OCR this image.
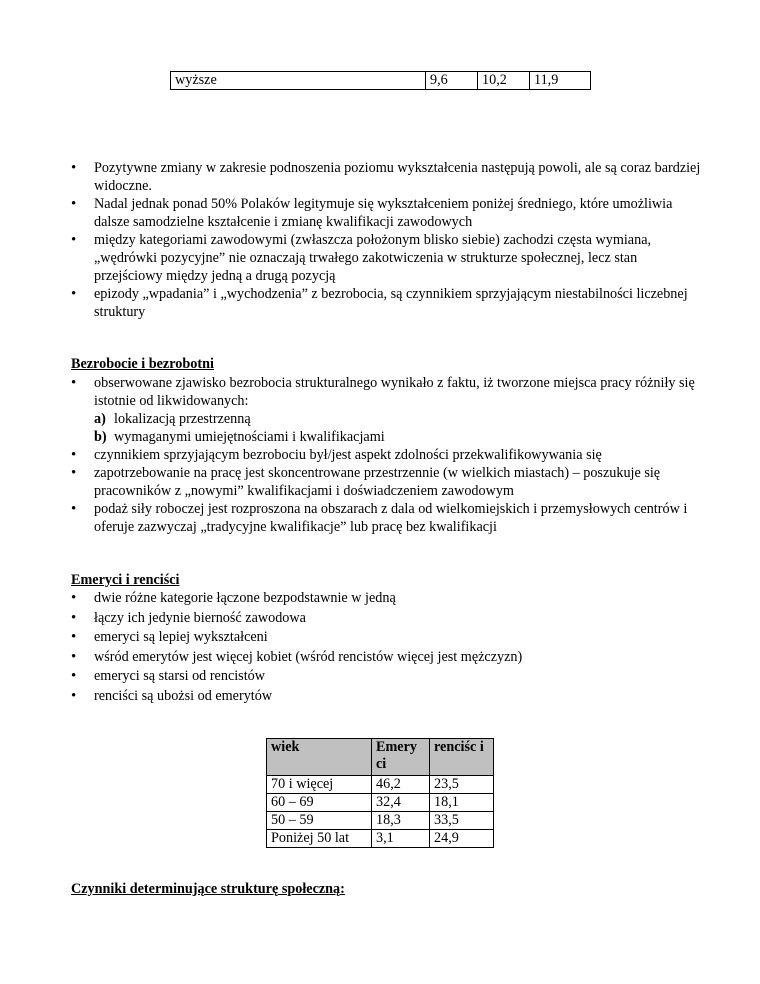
wyższe	9,6	10,2	11,9
• Pozytywne zmiany w zakresie podnoszenia poziomu wykształcenia następują powoli, ale są coraz bardziej widoczne.
• Nadal jednak ponad 50% Polaków legitymuje się wykształceniem poniżej średniego, które umożliwia dalsze samodzielne kształcenie i zmianę kwalifikacji zawodowych
• między kategoriami zawodowymi (zwłaszcza położonym blisko siebie) zachodzi częsta wymiana, „wędrówki pozycyjne” nie oznaczają trwałego zakotwiczenia w strukturze społecznej, lecz stan przejściowy między jedną a drugą pozycją
• epizody „wpadania” i „wychodzenia” z bezrobocia, są czynnikiem sprzyjającym niestabilności liczebnej struktury
Bezrobocie i bezrobotni
• obserwowane zjawisko bezrobocia strukturalnego wynikało z faktu, iż tworzone miejsca pracy różniły się istotnie od likwidowanych:
a) lokalizacją przestrzenną
b) wymaganymi umiejętnościami i kwalifikacjami
• czynnikiem sprzyjającym bezrobociu był/jest aspekt zdolności przekwalifikowywania się
• zapotrzebowanie na pracę jest skoncentrowane przestrzennie (w wielkich miastach) – poszukuje się pracowników z „nowymi” kwalifikacjami i doświadczeniem zawodowym
• podaż siły roboczej jest rozproszona na obszarach z dala od wielkomiejskich i przemysłowych centrów i oferuje zazwyczaj „tradycyjne kwalifikacje” lub pracę bez kwalifikacji
Emeryci i renciści
• dwie różne kategorie łączone bezpodstawnie w jedną
• łączy ich jedynie bierność zawodowa
• emeryci są lepiej wykształceni
• wśród emerytów jest więcej kobiet (wśród rencistów więcej jest mężczyzn)
• emeryci są starsi od rencistów
• renciści są ubożsi od emerytów
wiek	Emery ci	renciśc i
70 i więcej	46,2	23,5
60 – 69	32,4	18,1
50 – 59	18,3	33,5
Poniżej 50 lat	3,1	24,9
Czynniki determinujące strukturę społeczną:
